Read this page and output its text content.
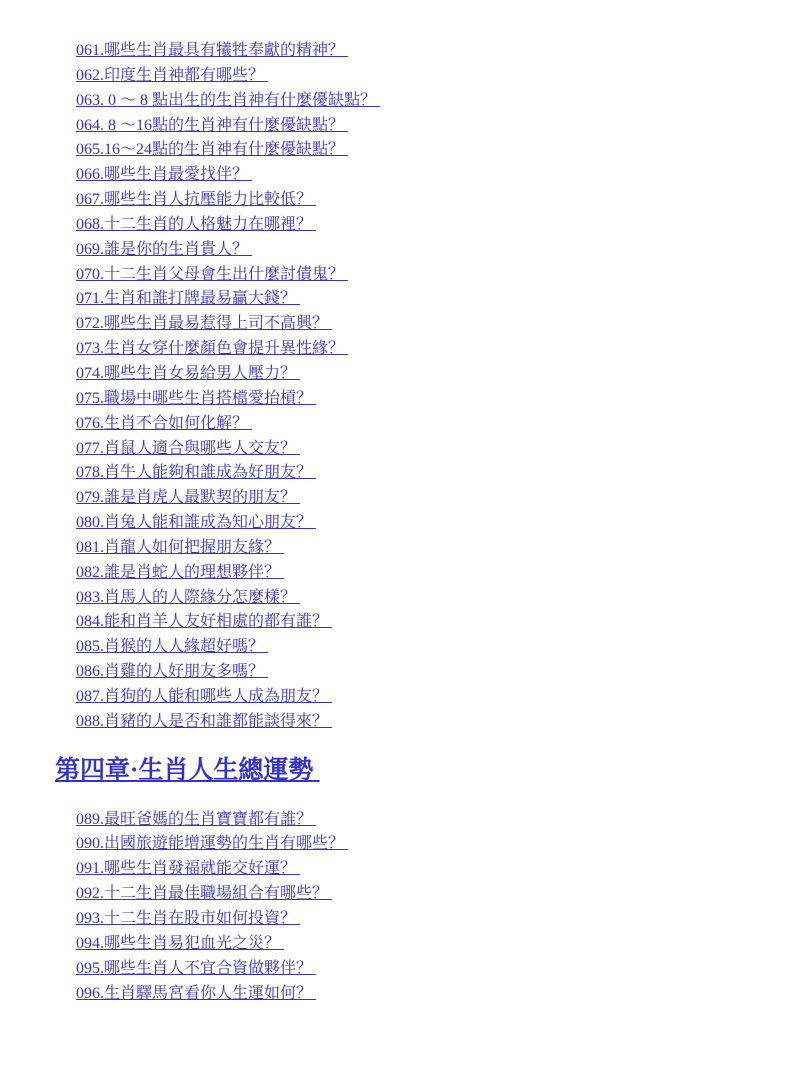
061.哪些生肖最具有犧牲奉獻的精神？
062.印度生肖神都有哪些？
063. 0 ～ 8 點出生的生肖神有什麼優缺點？
064. 8 ～16點的生肖神有什麼優缺點？
065.16～24點的生肖神有什麼優缺點？
066.哪些生肖最愛找伴？
067.哪些生肖人抗壓能力比較低？
068.十二生肖的人格魅力在哪裡？
069.誰是你的生肖貴人？
070.十二生肖父母會生出什麼討債鬼？
071.生肖和誰打牌最易贏大錢？
072.哪些生肖最易惹得上司不高興？
073.生肖女穿什麼顏色會提升異性緣？
074.哪些生肖女易給男人壓力？
075.職場中哪些生肖搭檔愛抬槓？
076.生肖不合如何化解？
077.肖鼠人適合與哪些人交友？
078.肖牛人能夠和誰成為好朋友？
079.誰是肖虎人最默契的朋友？
080.肖兔人能和誰成為知心朋友？
081.肖龍人如何把握朋友緣？
082.誰是肖蛇人的理想夥伴？
083.肖馬人的人際緣分怎麼樣？
084.能和肖羊人友好相處的都有誰？
085.肖猴的人人緣超好嗎？
086.肖雞的人好朋友多嗎？
087.肖狗的人能和哪些人成為朋友？
088.肖豬的人是否和誰都能談得來？
第四章·生肖人生總運勢
089.最旺爸媽的生肖寶寶都有誰？
090.出國旅遊能增運勢的生肖有哪些？
091.哪些生肖發福就能交好運？
092.十二生肖最佳職場組合有哪些？
093.十二生肖在股市如何投資？
094.哪些生肖易犯血光之災？
095.哪些生肖人不宜合資做夥伴？
096.生肖驛馬宮看你人生運如何？
